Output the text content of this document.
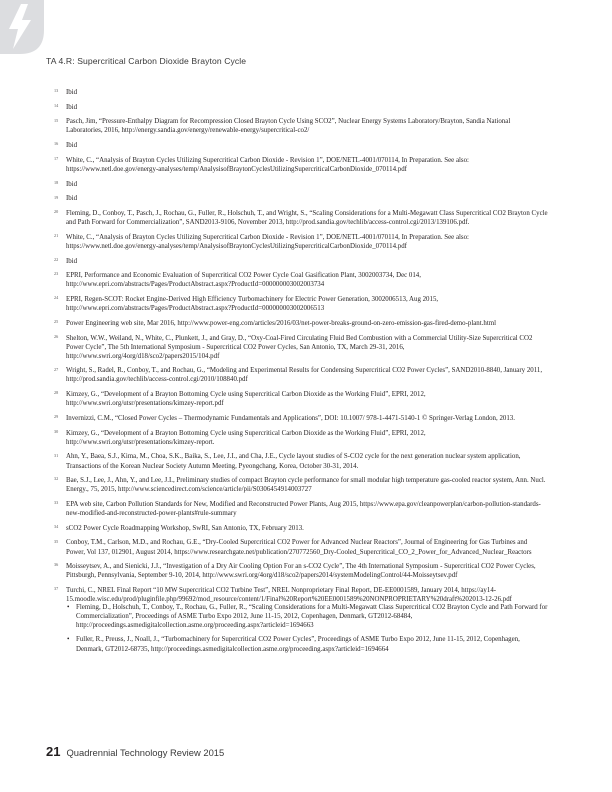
TA 4.R: Supercritical Carbon Dioxide Brayton Cycle
13 Ibid
14 Ibid
15 Pasch, Jim, “Pressure-Enthalpy Diagram for Recompression Closed Brayton Cycle Using SCO2”, Nuclear Energy Systems Laboratory/Brayton, Sandia National Laboratories, 2016, http://energy.sandia.gov/energy/renewable-energy/supercritical-co2/
16 Ibid
17 White, C., “Analysis of Brayton Cycles Utilizing Supercritical Carbon Dioxide - Revision 1”, DOE/NETL-4001/070114, In Preparation. See also: https://www.netl.doe.gov/energy-analyses/temp/AnalysisofBraytonCyclesUtilizingSupercriticalCarbonDioxide_070114.pdf
18 Ibid
19 Ibid
20 Fleming, D., Conboy, T., Pasch, J., Rochau, G., Fuller, R., Holschuh, T., and Wright, S., “Scaling Considerations for a Multi-Megawatt Class Supercritical CO2 Brayton Cycle and Path Forward for Commercialization”, SAND2013-9106, November 2013, http://prod.sandia.gov/techlib/access-control.cgi/2013/139106.pdf.
21 White, C., “Analysis of Brayton Cycles Utilizing Supercritical Carbon Dioxide - Revision 1”, DOE/NETL-4001/070114, In Preparation. See also: https://www.netl.doe.gov/energy-analyses/temp/AnalysisofBraytonCyclesUtilizingSupercriticalCarbonDioxide_070114.pdf
22 Ibid
23 EPRI, Performance and Economic Evaluation of Supercritical CO2 Power Cycle Coal Gasification Plant, 3002003734, Dec 014, http://www.epri.com/abstracts/Pages/ProductAbstract.aspx?ProductId=000000003002003734
24 EPRI, Regen-SCOT: Rocket Engine-Derived High Efficiency Turbomachinery for Electric Power Generation, 3002006513, Aug 2015, http://www.epri.com/abstracts/Pages/ProductAbstract.aspx?ProductId=000000003002006513
25 Power Engineering web site, Mar 2016, http://www.power-eng.com/articles/2016/03/net-power-breaks-ground-on-zero-emission-gas-fired-demo-plant.html
26 Shelton, W.W., Weiland, N., White, C., Plunkett, J., and Gray, D., “Oxy-Coal-Fired Circulating Fluid Bed Combustion with a Commercial Utility-Size Supercritical CO2 Power Cycle”, The 5th International Symposium - Supercritical CO2 Power Cycles, San Antonio, TX, March 29-31, 2016, http://www.swri.org/4org/d18/sco2/papers2015/104.pdf
27 Wright, S., Radel, R., Conboy, T., and Rochau, G., “Modeling and Experimental Results for Condensing Supercritical CO2 Power Cycles”, SAND2010-8840, January 2011, http://prod.sandia.gov/techlib/access-control.cgi/2010/108840.pdf
28 Kimzey, G., “Development of a Brayton Bottoming Cycle using Supercritical Carbon Dioxide as the Working Fluid”, EPRI, 2012, http://www.swri.org/utsr/presentations/kimzey-report.pdf
29 Invernizzi, C.M., “Closed Power Cycles – Thermodynamic Fundamentals and Applications”, DOI: 10.1007/ 978-1-4471-5140-1 © Springer-Verlag London, 2013.
30 Kimzey, G., “Development of a Brayton Bottoming Cycle using Supercritical Carbon Dioxide as the Working Fluid”, EPRI, 2012, http://www.swri.org/utsr/presentations/kimzey-report.
31 Ahn, Y., Baea, S.J., Kima, M., Choa, S.K., Baika, S., Lee, J.I., and Cha, J.E., Cycle layout studies of S-CO2 cycle for the next generation nuclear system application, Transactions of the Korean Nuclear Society Autumn Meeting, Pyeongchang, Korea, October 30-31, 2014.
32 Bae, S.J., Lee, J., Ahn, Y., and Lee, J.I., Preliminary studies of compact Brayton cycle performance for small modular high temperature gas-cooled reactor system, Ann. Nucl. Energy., 75, 2015, http://www.sciencedirect.com/science/article/pii/S0306454914003727
33 EPA web site, Carbon Pollution Standards for New, Modified and Reconstructed Power Plants, Aug 2015, https://www.epa.gov/cleanpowerplan/carbon-pollution-standards-new-modified-and-reconstructed-power-plants#rule-summary
34 sCO2 Power Cycle Roadmapping Workshop, SwRI, San Antonio, TX, February 2013.
35 Conboy, T.M., Carlson, M.D., and Rochau, G.E., “Dry-Cooled Supercritical CO2 Power for Advanced Nuclear Reactors”, Journal of Engineering for Gas Turbines and Power, Vol 137, 012901, August 2014, https://www.researchgate.net/publication/270772560_Dry-Cooled_Supercritical_CO_2_Power_for_Advanced_Nuclear_Reactors
36 Moisseytsev, A., and Sienicki, J.J., “Investigation of a Dry Air Cooling Option For an s-CO2 Cycle”, The 4th International Symposium - Supercritical CO2 Power Cycles, Pittsburgh, Pennsylvania, September 9-10, 2014, http://www.swri.org/4org/d18/sco2/papers2014/systemModelingControl/44-Moisseytsev.pdf
37 Turchi, C., NREL Final Report “10 MW Supercritical CO2 Turbine Test”, NREL Nonproprietary Final Report, DE-EE0001589, January 2014, https://ay14-15.moodle.wisc.edu/prod/pluginfile.php/99692/mod_resource/content/1/Final%20Report%20EE0001589%20NONPROPRIETARY%20draft%202013-12-26.pdf
• Fleming, D., Holschuh, T., Conboy, T., Rochau, G., Fuller, R., “Scaling Considerations for a Multi-Megawatt Class Supercritical CO2 Brayton Cycle and Path Forward for Commercialization”, Proceedings of ASME Turbo Expo 2012, June 11-15, 2012, Copenhagen, Denmark, GT2012-68484, http://proceedings.asmedigitalcollection.asme.org/proceeding.aspx?articleid=1694663
• Fuller, R., Preuss, J., Noall, J., “Turbomachinery for Supercritical CO2 Power Cycles”, Proceedings of ASME Turbo Expo 2012, June 11-15, 2012, Copenhagen, Denmark, GT2012-68735, http://proceedings.asmedigitalcollection.asme.org/proceeding.aspx?articleid=1694664
21 Quadrennial Technology Review 2015
